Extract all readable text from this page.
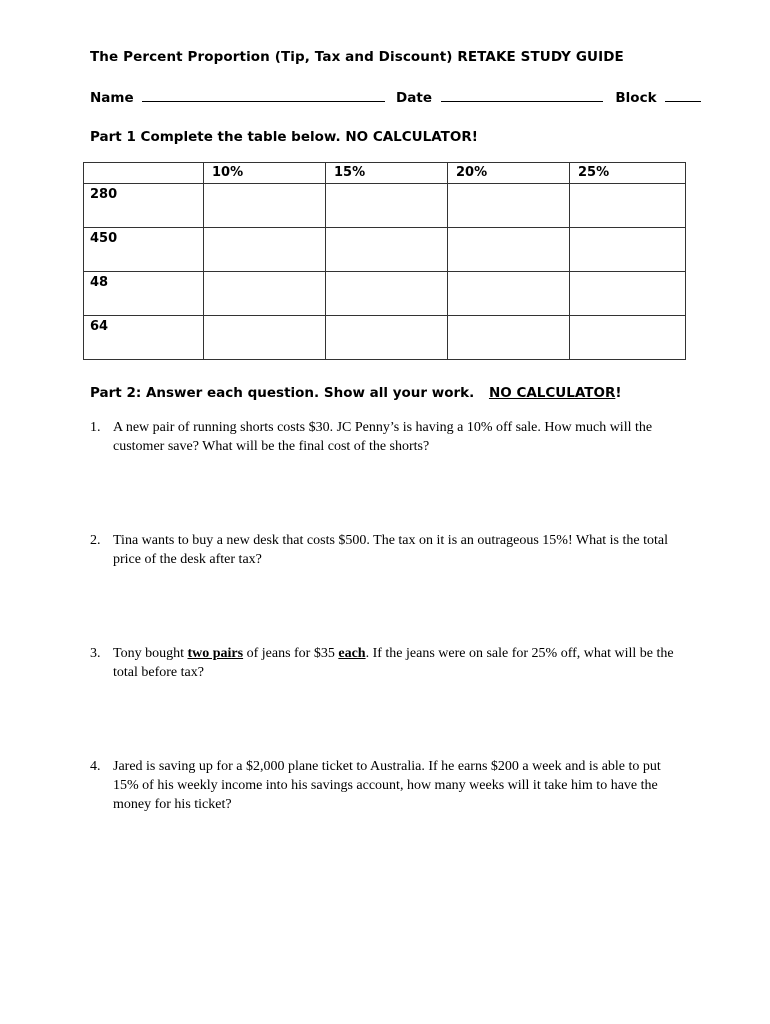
The Percent Proportion (Tip, Tax and Discount) RETAKE STUDY GUIDE
Name	Date	Block
Part 1 Complete the table below. NO CALCULATOR!
	10%	15%	20%	25%
280				
450				
48				
64				
Part 2: Answer each question. Show all your work. NO CALCULATOR!
1. A new pair of running shorts costs $30. JC Penny’s is having a 10% off sale. How much will the
customer save? What will be the final cost of the shorts?
2. Tina wants to buy a new desk that costs $500. The tax on it is an outrageous 15%! What is the total
price of the desk after tax?
3. Tony bought two pairs of jeans for $35 each. If the jeans were on sale for 25% off, what will be the
total before tax?
4. Jared is saving up for a $2,000 plane ticket to Australia. If he earns $200 a week and is able to put
15% of his weekly income into his savings account, how many weeks will it take him to have the
money for his ticket?
